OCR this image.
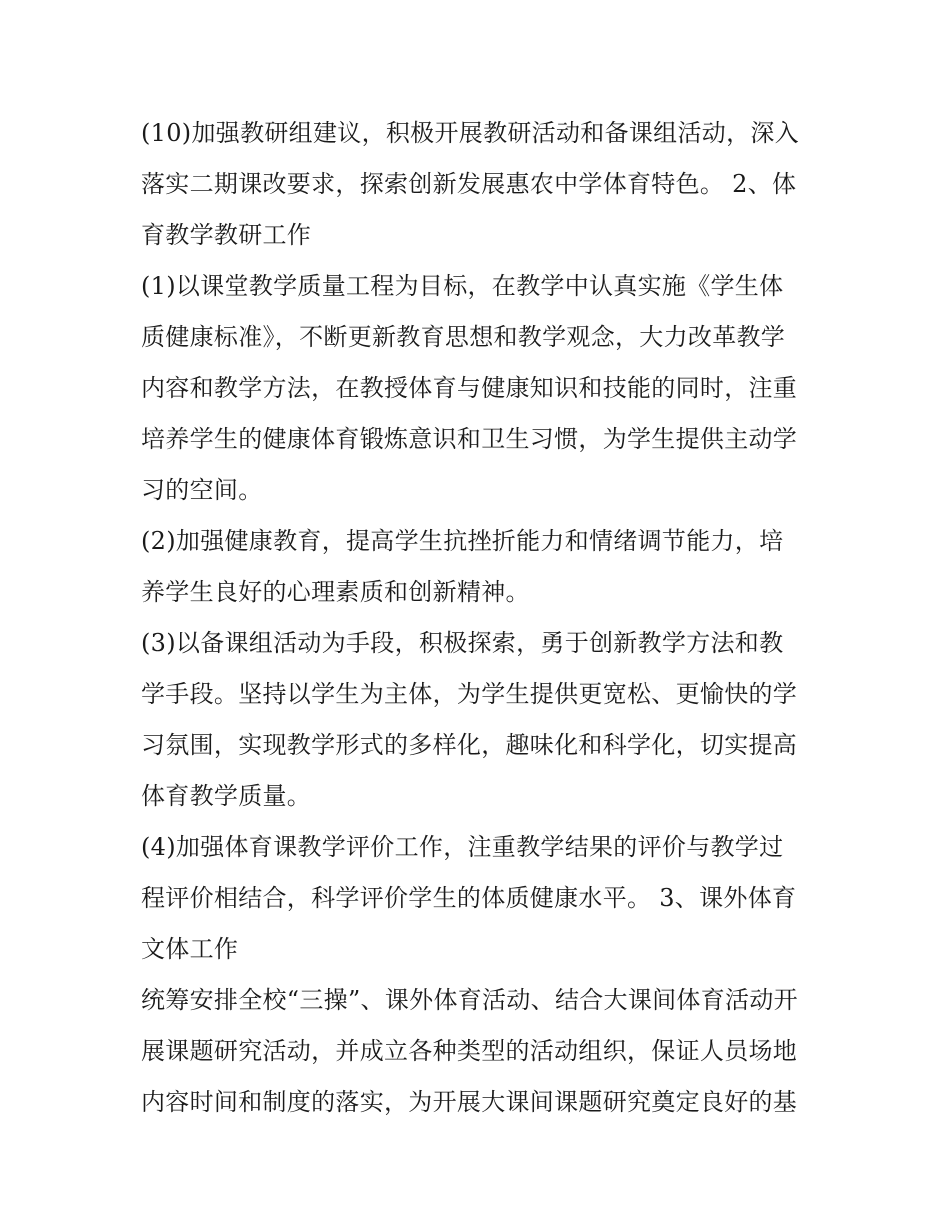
(10)加强教研组建议，积极开展教研活动和备课组活动，深入
落实二期课改要求，探索创新发展惠农中学体育特色。 2、体
育教学教研工作
(1)以课堂教学质量工程为目标，在教学中认真实施《学生体
质健康标准》，不断更新教育思想和教学观念，大力改革教学
内容和教学方法，在教授体育与健康知识和技能的同时，注重
培养学生的健康体育锻炼意识和卫生习惯，为学生提供主动学
习的空间。
(2)加强健康教育，提高学生抗挫折能力和情绪调节能力，培
养学生良好的心理素质和创新精神。
(3)以备课组活动为手段，积极探索，勇于创新教学方法和教
学手段。坚持以学生为主体，为学生提供更宽松、更愉快的学
习氛围，实现教学形式的多样化，趣味化和科学化，切实提高
体育教学质量。
(4)加强体育课教学评价工作，注重教学结果的评价与教学过
程评价相结合，科学评价学生的体质健康水平。 3、课外体育
文体工作
统筹安排全校“三操”、课外体育活动、结合大课间体育活动开
展课题研究活动，并成立各种类型的活动组织，保证人员场地
内容时间和制度的落实，为开展大课间课题研究奠定良好的基
